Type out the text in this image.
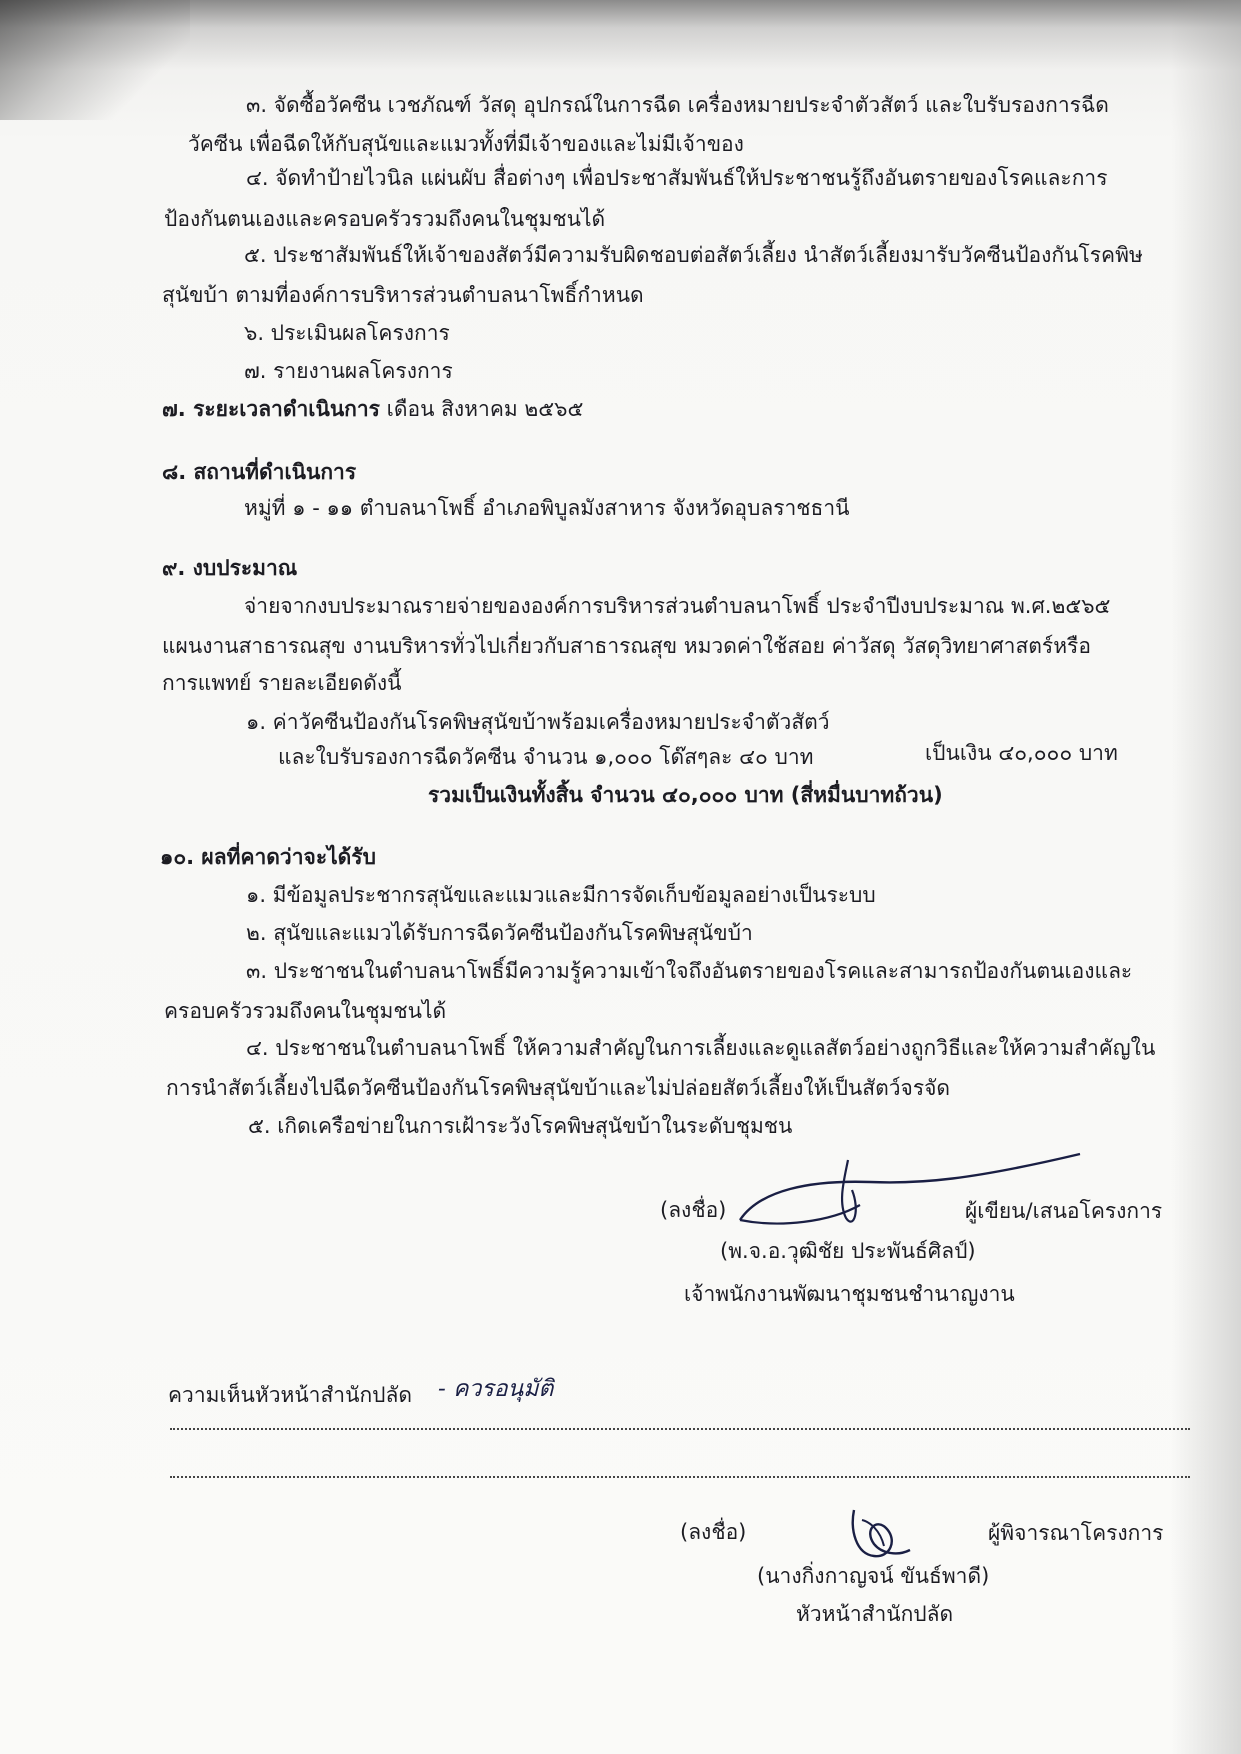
๓. จัดซื้อวัคซีน เวชภัณฑ์ วัสดุ อุปกรณ์ในการฉีด เครื่องหมายประจำตัวสัตว์ และใบรับรองการฉีด
วัคซีน เพื่อฉีดให้กับสุนัขและแมวทั้งที่มีเจ้าของและไม่มีเจ้าของ
๔. จัดทำป้ายไวนิล แผ่นผับ สื่อต่างๆ เพื่อประชาสัมพันธ์ให้ประชาชนรู้ถึงอันตรายของโรคและการ
ป้องกันตนเองและครอบครัวรวมถึงคนในชุมชนได้
๕. ประชาสัมพันธ์ให้เจ้าของสัตว์มีความรับผิดชอบต่อสัตว์เลี้ยง นำสัตว์เลี้ยงมารับวัคซีนป้องกันโรคพิษ
สุนัขบ้า ตามที่องค์การบริหารส่วนตำบลนาโพธิ์กำหนด
๖. ประเมินผลโครงการ
๗. รายงานผลโครงการ
๗. ระยะเวลาดำเนินการ เดือน สิงหาคม ๒๕๖๕
๘. สถานที่ดำเนินการ
หมู่ที่ ๑ - ๑๑ ตำบลนาโพธิ์ อำเภอพิบูลมังสาหาร จังหวัดอุบลราชธานี
๙. งบประมาณ
จ่ายจากงบประมาณรายจ่ายขององค์การบริหารส่วนตำบลนาโพธิ์ ประจำปีงบประมาณ พ.ศ.๒๕๖๕
แผนงานสาธารณสุข งานบริหารทั่วไปเกี่ยวกับสาธารณสุข หมวดค่าใช้สอย ค่าวัสดุ วัสดุวิทยาศาสตร์หรือ
การแพทย์ รายละเอียดดังนี้
๑. ค่าวัคซีนป้องกันโรคพิษสุนัขบ้าพร้อมเครื่องหมายประจำตัวสัตว์
และใบรับรองการฉีดวัคซีน จำนวน ๑,๐๐๐ โด๊สๆละ ๔๐ บาท	เป็นเงิน ๔๐,๐๐๐ บาท
รวมเป็นเงินทั้งสิ้น จำนวน ๔๐,๐๐๐ บาท (สี่หมื่นบาทถ้วน)
๑๐. ผลที่คาดว่าจะได้รับ
๑. มีข้อมูลประชากรสุนัขและแมวและมีการจัดเก็บข้อมูลอย่างเป็นระบบ
๒. สุนัขและแมวได้รับการฉีดวัคซีนป้องกันโรคพิษสุนัขบ้า
๓. ประชาชนในตำบลนาโพธิ์มีความรู้ความเข้าใจถึงอันตรายของโรคและสามารถป้องกันตนเองและ
ครอบครัวรวมถึงคนในชุมชนได้
๔. ประชาชนในตำบลนาโพธิ์ ให้ความสำคัญในการเลี้ยงและดูแลสัตว์อย่างถูกวิธีและให้ความสำคัญใน
การนำสัตว์เลี้ยงไปฉีดวัคซีนป้องกันโรคพิษสุนัขบ้าและไม่ปล่อยสัตว์เลี้ยงให้เป็นสัตว์จรจัด
๕. เกิดเครือข่ายในการเฝ้าระวังโรคพิษสุนัขบ้าในระดับชุมชน
(ลงชื่อ)	ผู้เขียน/เสนอโครงการ
(พ.จ.อ.วุฒิชัย ประพันธ์ศิลป์)
เจ้าพนักงานพัฒนาชุมชนชำนาญงาน
ความเห็นหัวหน้าสำนักปลัด - ควรอนุมัติ
(ลงชื่อ)	ผู้พิจารณาโครงการ
(นางกิ่งกาญจน์ ขันธ์พาดี)
หัวหน้าสำนักปลัด
